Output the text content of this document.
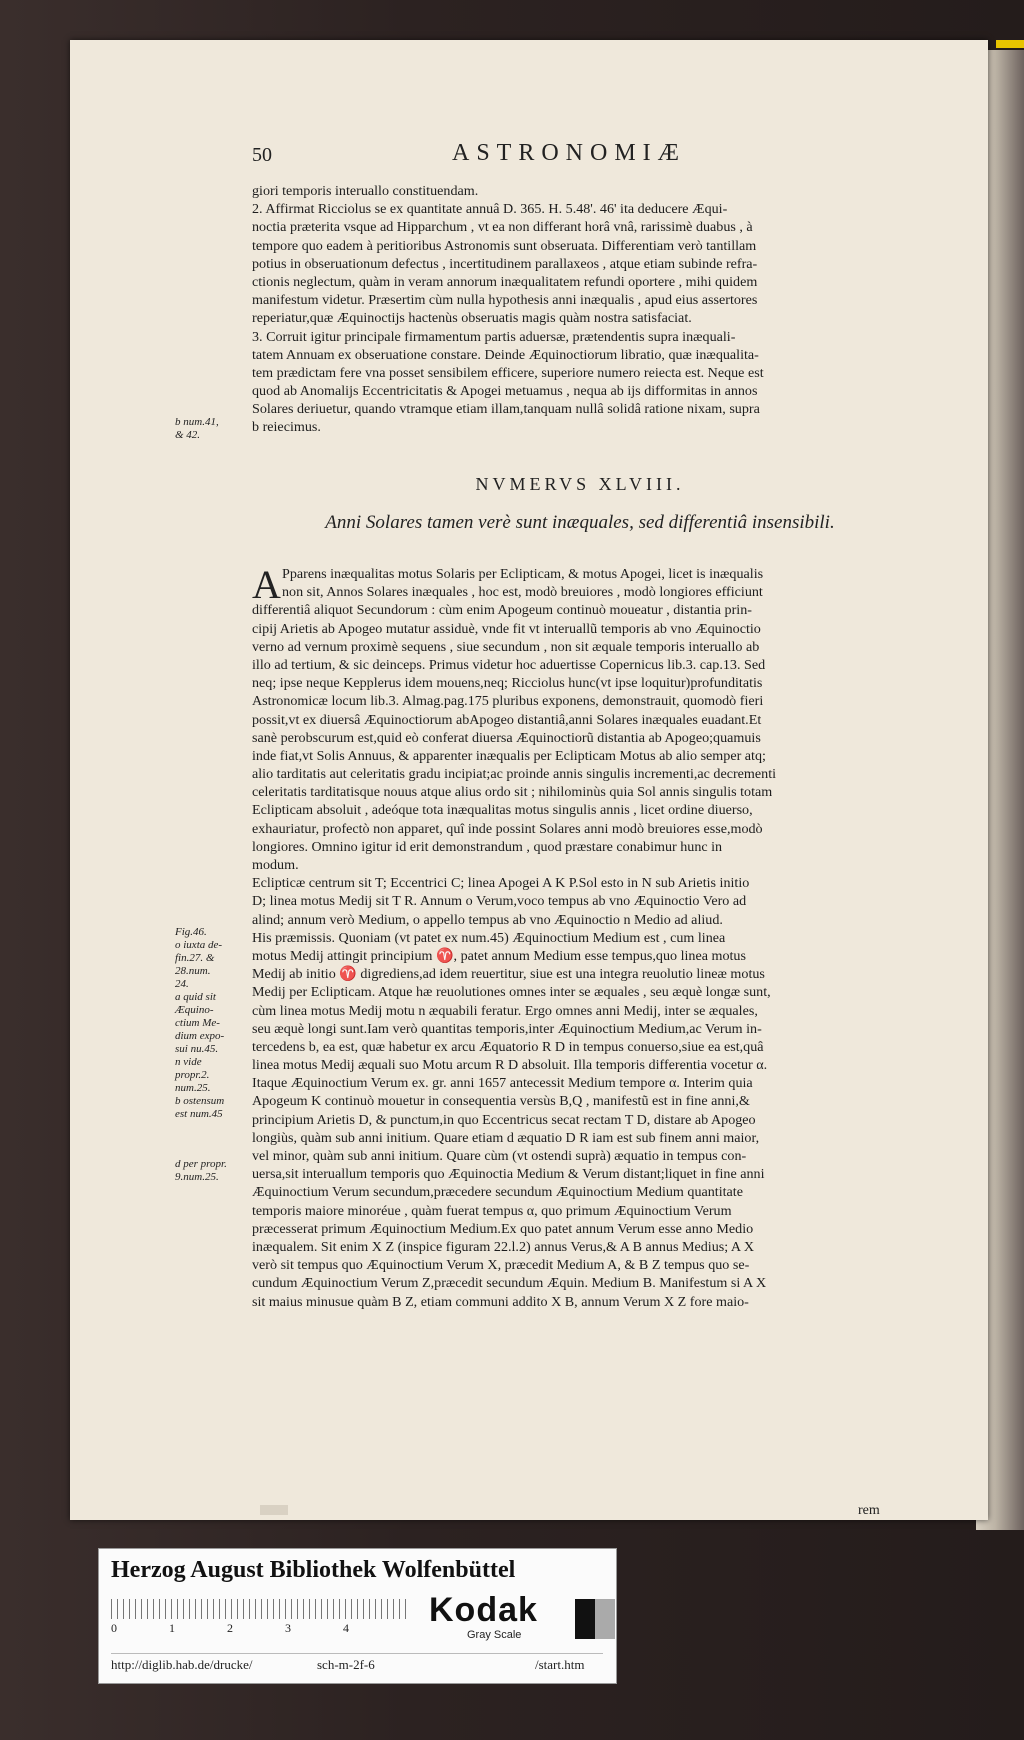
50	ASTRONOMIÆ
giori temporis interuallo constituendam.
2. Affirmat Ricciolus se ex quantitate annuâ D. 365. H. 5.48'. 46' ita deducere Æqui-
noctia præterita vsque ad Hipparchum , vt ea non differant horâ vnâ, rarissimè duabus , à
tempore quo eadem à peritioribus Astronomis sunt obseruata. Differentiam verò tantillam
potius in obseruationum defectus , incertitudinem parallaxeos , atque etiam subinde refra-
ctionis neglectum, quàm in veram annorum inæqualitatem refundi oportere , mihi quidem
manifestum videtur. Præsertim cùm nulla hypothesis anni inæqualis , apud eius assertores
reperiatur,quæ Æquinoctijs hactenùs obseruatis magis quàm nostra satisfaciat.
3. Corruit igitur principale firmamentum partis aduersæ, prætendentis supra inæquali-
tatem Annuam ex obseruatione constare. Deinde Æquinoctiorum libratio, quæ inæqualita-
tem prædictam fere vna posset sensibilem efficere, superiore numero reiecta est. Neque est
quod ab Anomalijs Eccentricitatis & Apogei metuamus , nequa ab ijs difformitas in annos
Solares deriuetur, quando vtramque etiam illam,tanquam nullâ solidâ ratione nixam, supra
b reiecimus.
b num.41,
& 42.
NVMERVS XLVIII.
Anni Solares tamen verè sunt inæquales, sed differentiâ insensibili.
A Pparens inæqualitas motus Solaris per Eclipticam, & motus Apogei, licet is inæqualis
non sit, Annos Solares inæquales , hoc est, modò breuiores , modò longiores efficiunt
differentiâ aliquot Secundorum : cùm enim Apogeum continuò moueatur , distantia prin-
cipij Arietis ab Apogeo mutatur assiduè, vnde fit vt interuallũ temporis ab vno Æquinoctio
verno ad vernum proximè sequens , siue secundum , non sit æquale temporis interuallo ab
illo ad tertium, & sic deinceps. Primus videtur hoc aduertisse Copernicus lib.3. cap.13. Sed
neq; ipse neque Kepplerus idem mouens,neq; Ricciolus hunc(vt ipse loquitur)profunditatis
Astronomicæ locum lib.3. Almag.pag.175 pluribus exponens, demonstrauit, quomodò fieri
possit,vt ex diuersâ Æquinoctiorum abApogeo distantiâ,anni Solares inæquales euadant.Et
sanè perobscurum est,quid eò conferat diuersa Æquinoctiorũ distantia ab Apogeo;quamuis
inde fiat,vt Solis Annuus, & apparenter inæqualis per Eclipticam Motus ab alio semper atq;
alio tarditatis aut celeritatis gradu incipiat;ac proinde annis singulis incrementi,ac decrementi
celeritatis tarditatisque nouus atque alius ordo sit ; nihilominùs quia Sol annis singulis totam
Eclipticam absoluit , adeóque tota inæqualitas motus singulis annis , licet ordine diuerso,
exhauriatur, profectò non apparet, quî inde possint Solares anni modò breuiores esse,modò
longiores. Omnino igitur id erit demonstrandum , quod præstare conabimur hunc in
modum.
Eclipticæ centrum sit T; Eccentrici C; linea Apogei A K P.Sol esto in N sub Arietis initio
D; linea motus Medij sit T R. Annum o Verum,voco tempus ab vno Æquinoctio Vero ad
alind; annum verò Medium, o appello tempus ab vno Æquinoctio n Medio ad aliud.
His præmissis. Quoniam (vt patet ex num.45) Æquinoctium Medium est , cum linea
motus Medij attingit principium ♈, patet annum Medium esse tempus,quo linea motus
Medij ab initio ♈ digrediens,ad idem reuertitur, siue est una integra reuolutio lineæ motus
Medij per Eclipticam. Atque hæ reuolutiones omnes inter se æquales , seu æquè longæ sunt,
cùm linea motus Medij motu n æquabili feratur. Ergo omnes anni Medij, inter se æquales,
seu æquè longi sunt.Iam verò quantitas temporis,inter Æquinoctium Medium,ac Verum in-
tercedens b, ea est, quæ habetur ex arcu Æquatorio R D in tempus conuerso,siue ea est,quâ
linea motus Medij æquali suo Motu arcum R D absoluit. Illa temporis differentia vocetur α.
Itaque Æquinoctium Verum ex. gr. anni 1657 antecessit Medium tempore α. Interim quia
Apogeum K continuò mouetur in consequentia versùs B,Q , manifestũ est in fine anni,&
principium Arietis D, & punctum,in quo Eccentricus secat rectam T D, distare ab Apogeo
longiùs, quàm sub anni initium. Quare etiam d æquatio D R iam est sub finem anni maior,
vel minor, quàm sub anni initium. Quare cùm (vt ostendi suprà) æquatio in tempus con-
uersa,sit interuallum temporis quo Æquinoctia Medium & Verum distant;liquet in fine anni
Æquinoctium Verum secundum,præcedere secundum Æquinoctium Medium quantitate
temporis maiore minoréue , quàm fuerat tempus α, quo primum Æquinoctium Verum
præcesserat primum Æquinoctium Medium.Ex quo patet annum Verum esse anno Medio
inæqualem. Sit enim X Z (inspice figuram 22.l.2) annus Verus,& A B annus Medius; A X
verò sit tempus quo Æquinoctium Verum X, præcedit Medium A, & B Z tempus quo se-
cundum Æquinoctium Verum Z,præcedit secundum Æquin. Medium B. Manifestum si A X
sit maius minusue quàm B Z, etiam communi addito X B, annum Verum X Z fore maio-
Fig.46.
o iuxta de-
fin.27. &
28.num.
24.
a quid sit
Æquino-
ctium Me-
dium expo-
sui nu.45.
n vide
propr.2.
num.25.
b ostensum
est num.45
d per propr.
9.num.25.
rem
Herzog August Bibliothek Wolfenbüttel
0	1	2	3	4 Kodak
Gray Scale
http://diglib.hab.de/drucke/	sch-m-2f-6	/start.htm
